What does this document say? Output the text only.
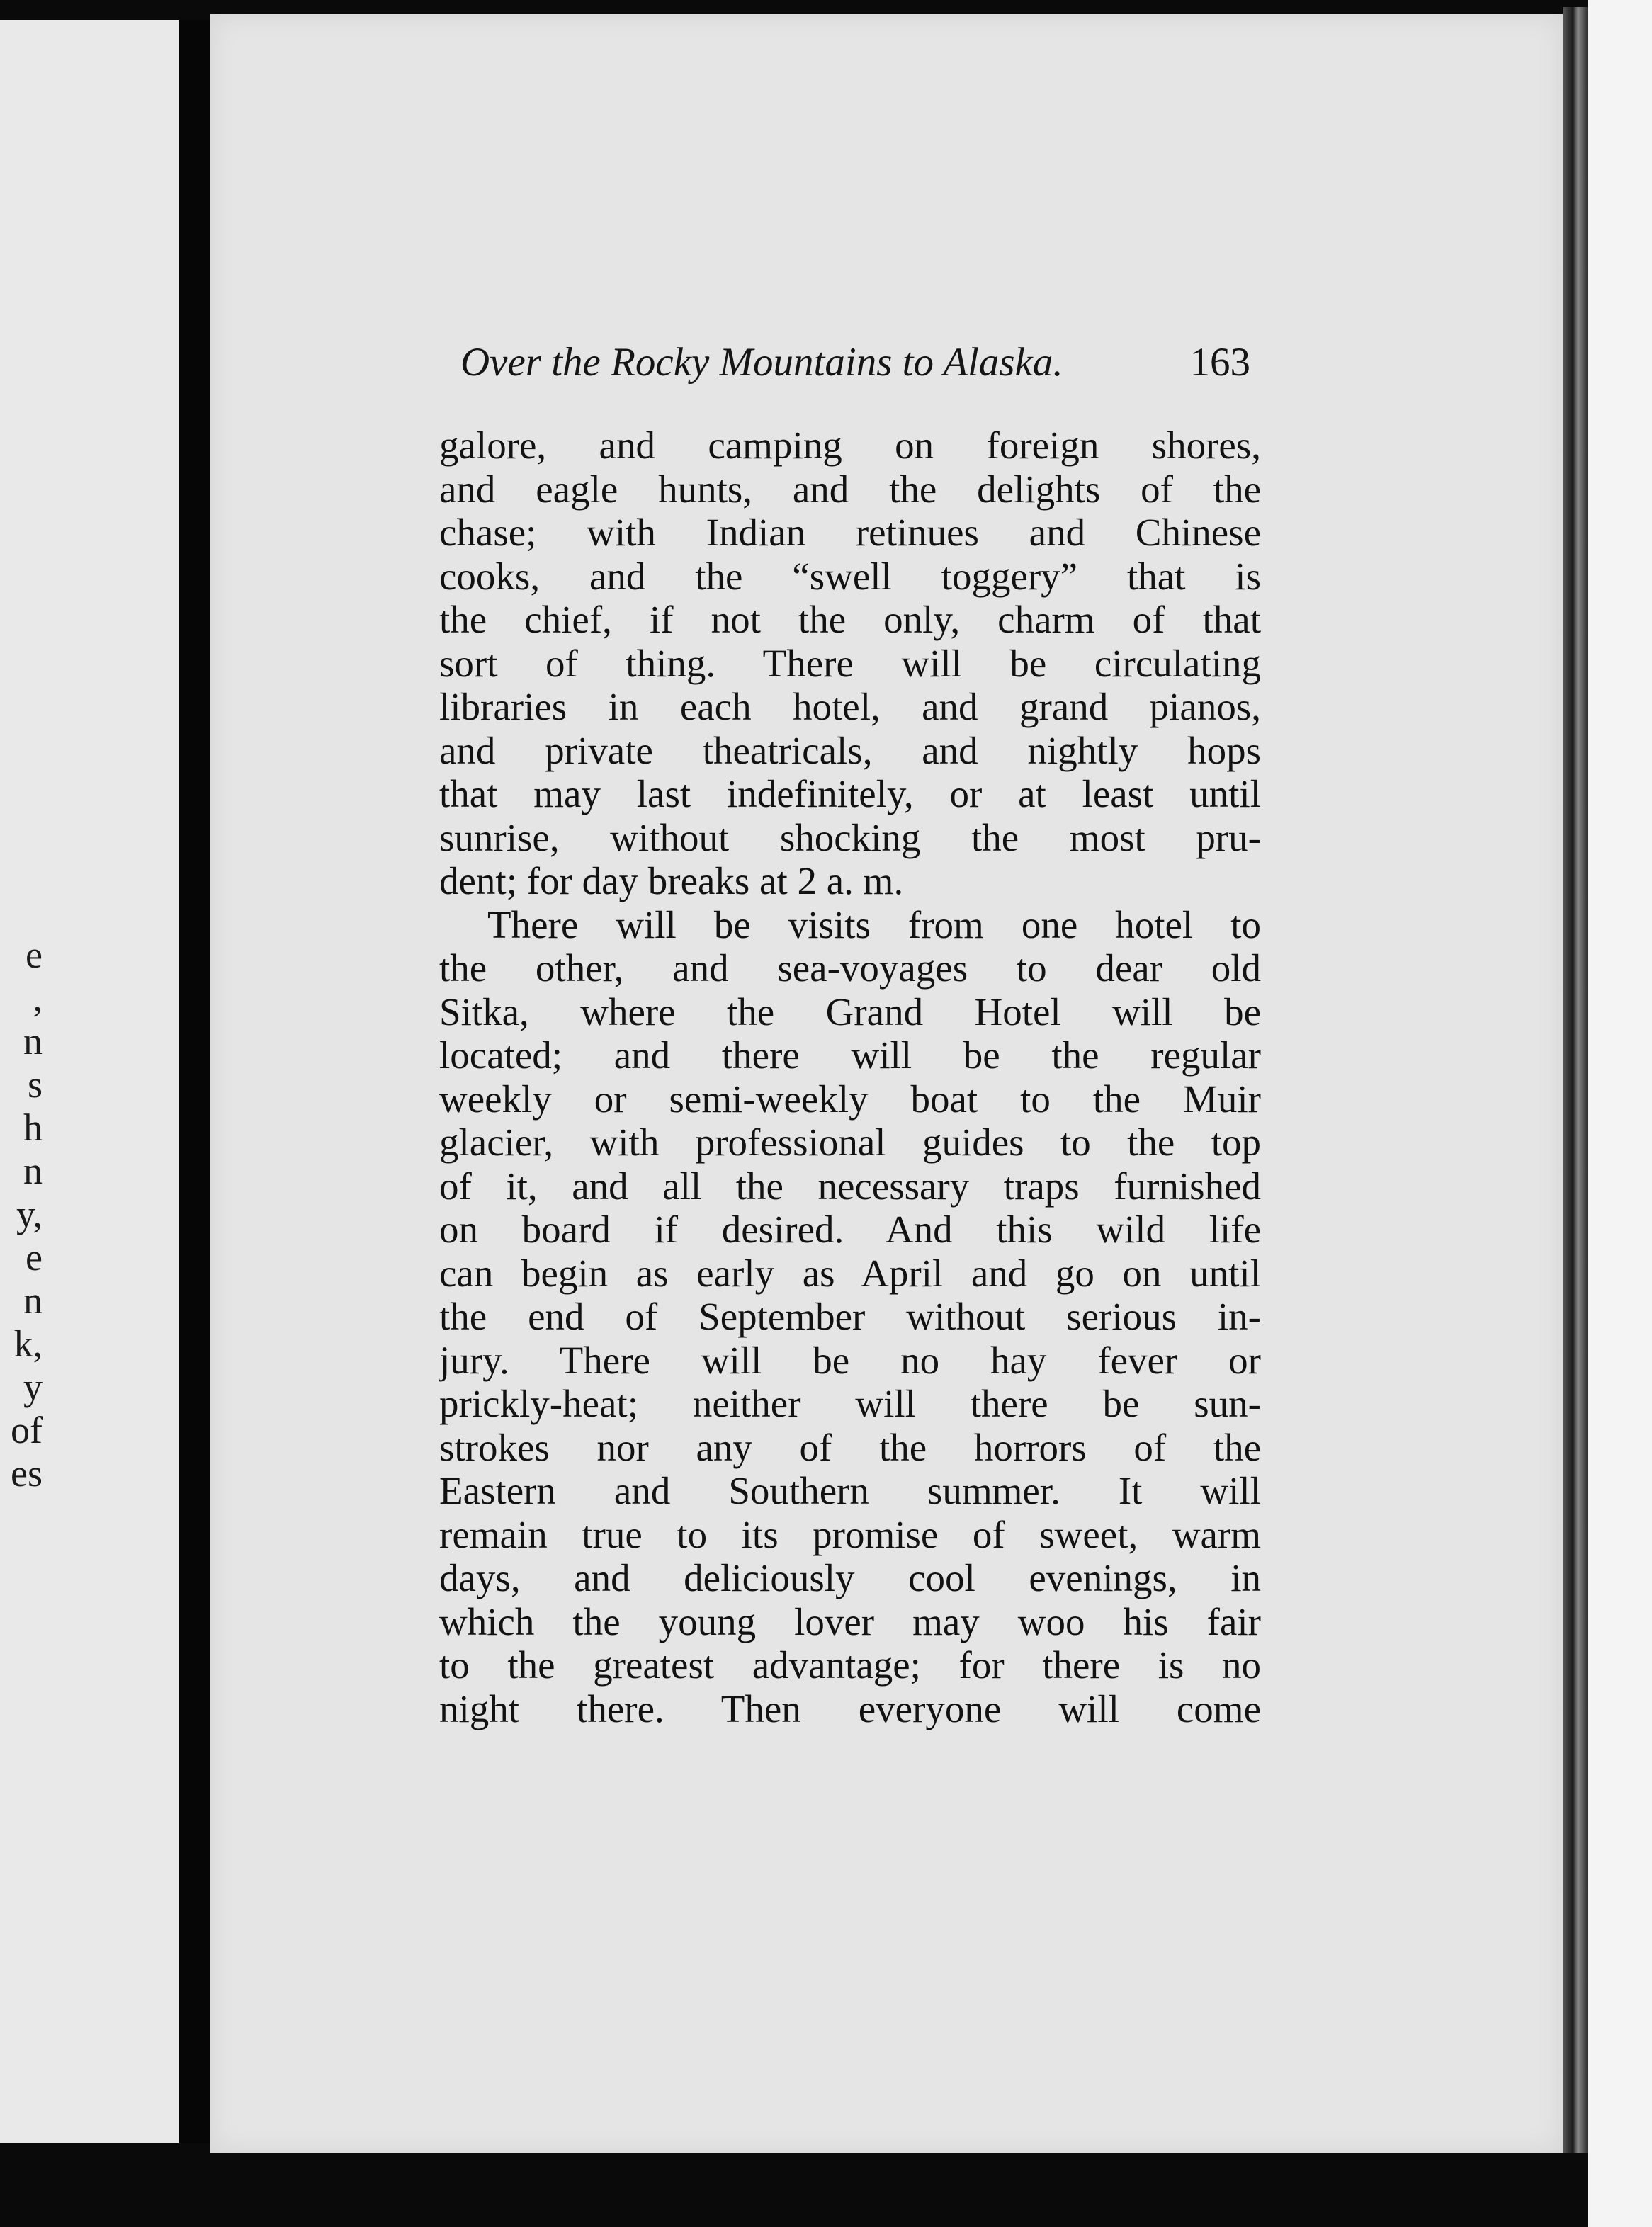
e
,
n
s
h
n
y,
e
n
k,
y
of
es
Over the Rocky Mountains to Alaska.	163
galore, and camping on foreign shores,
and eagle hunts, and the delights of the
chase; with Indian retinues and Chinese
cooks, and the “swell toggery” that is
the chief, if not the only, charm of that
sort of thing. There will be circulating
libraries in each hotel, and grand pianos,
and private theatricals, and nightly hops
that may last indefinitely, or at least until
sunrise, without shocking the most pru-
dent; for day breaks at 2 a. m.
There will be visits from one hotel to
the other, and sea-voyages to dear old
Sitka, where the Grand Hotel will be
located; and there will be the regular
weekly or semi-weekly boat to the Muir
glacier, with professional guides to the top
of it, and all the necessary traps furnished
on board if desired. And this wild life
can begin as early as April and go on until
the end of September without serious in-
jury. There will be no hay fever or
prickly-heat; neither will there be sun-
strokes nor any of the horrors of the
Eastern and Southern summer. It will
remain true to its promise of sweet, warm
days, and deliciously cool evenings, in
which the young lover may woo his fair
to the greatest advantage; for there is no
night there. Then everyone will come
